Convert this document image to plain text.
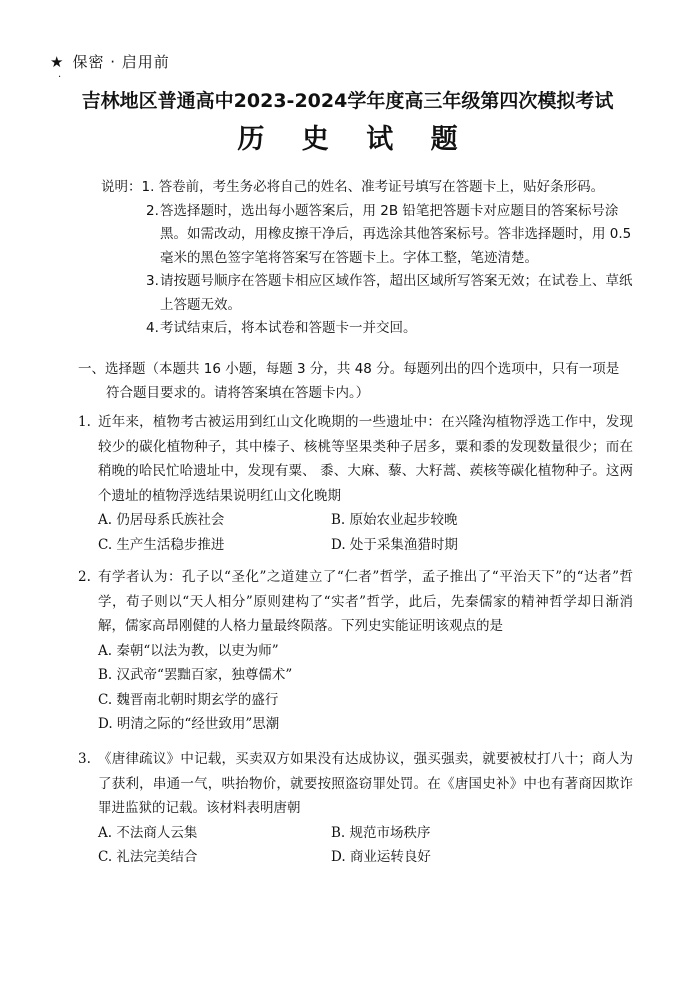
★ 保密 · 启用前
·
吉林地区普通高中2023-2024学年度高三年级第四次模拟考试
历 史 试 题
说明：1. 答卷前，考生务必将自己的姓名、准考证号填写在答题卡上，贴好条形码。
2. 答选择题时，选出每小题答案后，用 2B 铅笔把答题卡对应题目的答案标号涂黑。如需改动，用橡皮擦干净后，再选涂其他答案标号。答非选择题时，用 0.5 毫米的黑色签字笔将答案写在答题卡上。字体工整，笔迹清楚。
3. 请按题号顺序在答题卡相应区域作答，超出区域所写答案无效；在试卷上、草纸上答题无效。
4. 考试结束后，将本试卷和答题卡一并交回。
一、选择题（本题共 16 小题，每题 3 分，共 48 分。每题列出的四个选项中，只有一项是
符合题目要求的。请将答案填在答题卡内。）
1. 近年来，植物考古被运用到红山文化晚期的一些遗址中：在兴隆沟植物浮选工作中，发现较少的碳化植物种子，其中榛子、核桃等坚果类种子居多，粟和黍的发现数量很少；而在稍晚的哈民忙哈遗址中，发现有粟、 黍、大麻、藜、大籽蒿、蒺核等碳化植物种子。这两个遗址的植物浮选结果说明红山文化晚期
A. 仍居母系氏族社会	B. 原始农业起步较晚
C. 生产生活稳步推进	D. 处于采集渔猎时期
2. 有学者认为：孔子以“圣化”之道建立了“仁者”哲学，孟子推出了“平治天下”的“达者”哲学，荀子则以“天人相分”原则建构了“实者”哲学，此后，先秦儒家的精神哲学却日渐消解，儒家高昂刚健的人格力量最终陨落。下列史实能证明该观点的是
A. 秦朝“以法为教，以吏为师”
B. 汉武帝“罢黜百家，独尊儒术”
C. 魏晋南北朝时期玄学的盛行
D. 明清之际的“经世致用”思潮
3. 《唐律疏议》中记载，买卖双方如果没有达成协议，强买强卖，就要被杖打八十；商人为了获利，串通一气，哄抬物价，就要按照盗窃罪处罚。在《唐国史补》中也有著商因欺诈罪进监狱的记载。该材料表明唐朝
A. 不法商人云集	B. 规范市场秩序
C. 礼法完美结合	D. 商业运转良好
